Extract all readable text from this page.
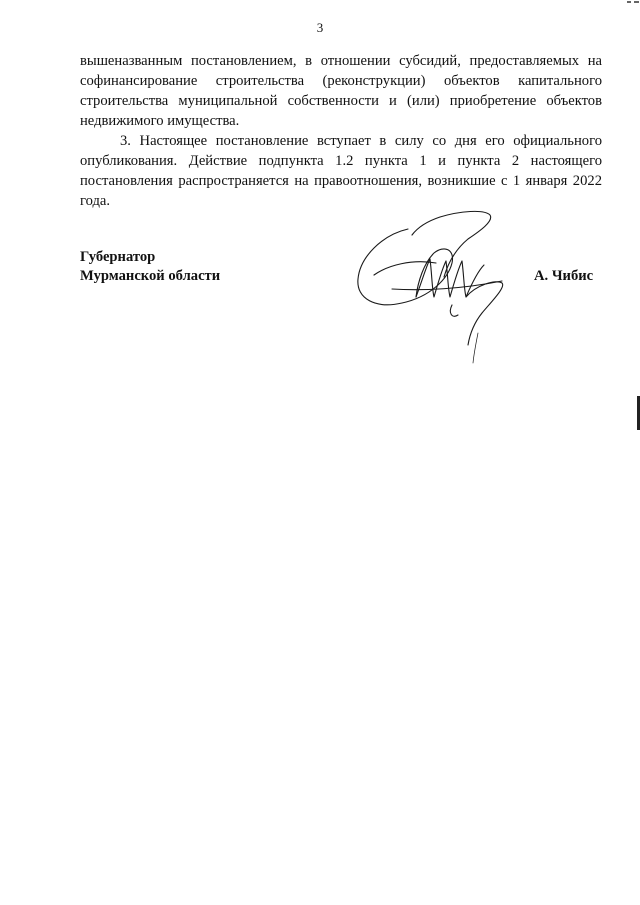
3

вышеназванным постановлением, в отношении субсидий, предоставляемых на софинансирование строительства (реконструкции) объектов капитального строительства муниципальной собственности и (или) приобретение объектов недвижимого имущества.

3. Настоящее постановление вступает в силу со дня его официального опубликования. Действие подпункта 1.2 пункта 1 и пункта 2 настоящего постановления распространяется на правоотношения, возникшие с 1 января 2022 года.

Губернатор
Мурманской области	А. Чибис
